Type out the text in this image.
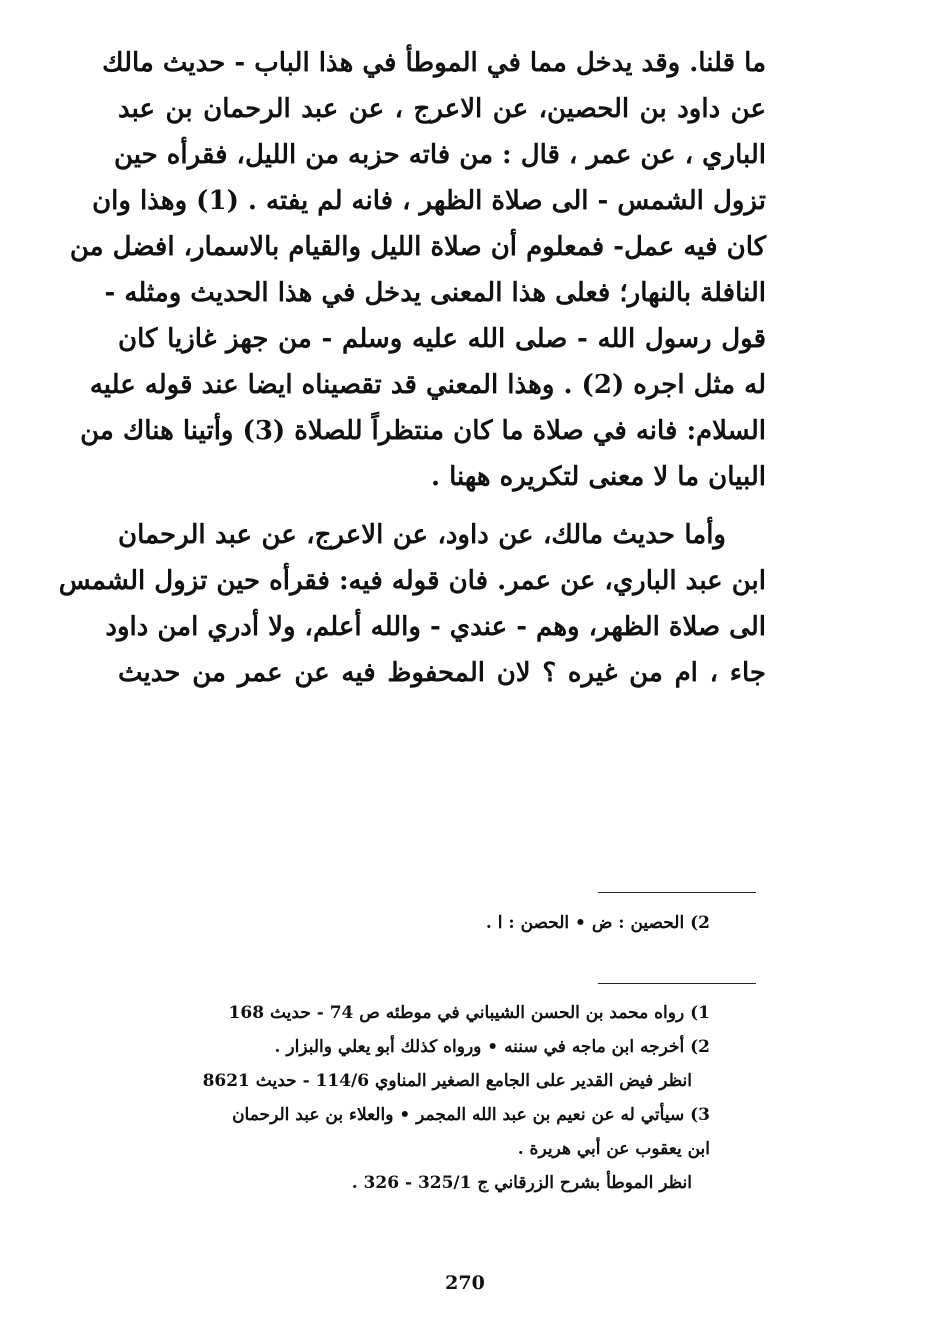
ما قلنا. وقد يدخل مما في الموطأ في هذا الباب - حديث مالك
عن داود بن الحصين، عن الاعرج ، عن عبد الرحمان بن عبد
الباري ، عن عمر ، قال : من فاته حزبه من الليل، فقرأه حين
تزول الشمس - الى صلاة الظهر ، فانه لم يفته . (1) وهذا وان
كان فيه عمل- فمعلوم أن صلاة الليل والقيام بالاسمار، افضل من
النافلة بالنهار؛ فعلى هذا المعنى يدخل في هذا الحديث ومثله -
قول رسول الله - صلى الله عليه وسلم - من جهز غازيا كان
له مثل اجره (2) . وهذا المعني قد تقصيناه ايضا عند قوله عليه
السلام: فانه في صلاة ما كان منتظراً للصلاة (3) وأتينا هناك من
البيان ما لا معنى لتكريره ههنا .
وأما حديث مالك، عن داود، عن الاعرج، عن عبد الرحمان
ابن عبد الباري، عن عمر. فان قوله فيه: فقرأه حين تزول الشمس
الى صلاة الظهر، وهم - عندي - والله أعلم، ولا أدري امن داود
جاء ، ام من غيره ؟ لان المحفوظ فيه عن عمر من حديث
2) الحصين : ض • الحصن : ا .
1) رواه محمد بن الحسن الشيباني في موطئه ص 74 - حديث 168
2) أخرجه ابن ماجه في سننه • ورواه كذلك أبو يعلي والبزار .
انظر فيض القدير على الجامع الصغير المناوي 114/6 - حديث 8621
3) سيأتي له عن نعيم بن عبد الله المجمر • والعلاء بن عبد الرحمان
ابن يعقوب عن أبي هريرة .
انظر الموطأ بشرح الزرقاني ج 325/1 - 326 .
270
